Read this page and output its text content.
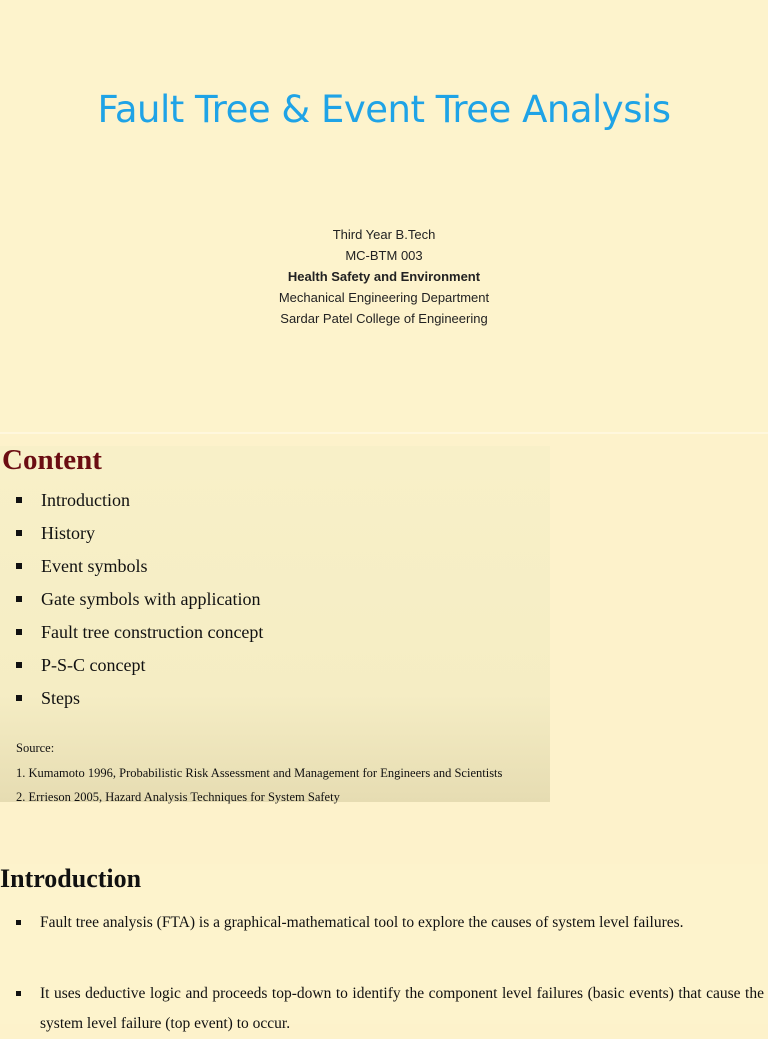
Fault Tree & Event Tree Analysis
Third Year B.Tech
MC-BTM 003
Health Safety and Environment
Mechanical Engineering Department
Sardar Patel College of Engineering
Content
Introduction
History
Event symbols
Gate symbols with application
Fault tree construction concept
P-S-C concept
Steps
Source:
1. Kumamoto 1996, Probabilistic Risk Assessment and Management for Engineers and Scientists
2. Errieson 2005, Hazard Analysis Techniques for System Safety
Introduction
Fault tree analysis (FTA) is a graphical-mathematical tool to explore the causes of system level failures.
It uses deductive logic and proceeds top-down to identify the component level failures (basic events) that cause the system level failure (top event) to occur.
